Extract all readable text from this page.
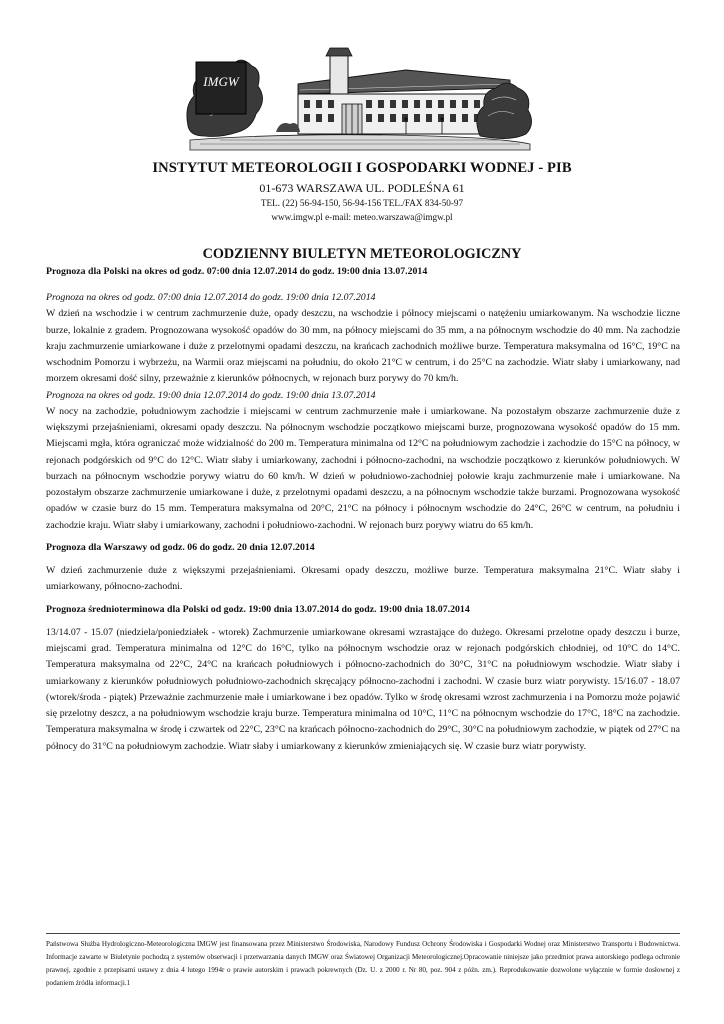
IMGW
INSTYTUT METEOROLOGII I GOSPODARKI WODNEJ - PIB
01-673 WARSZAWA UL. PODLEŚNA 61
TEL. (22) 56-94-150, 56-94-156 TEL./FAX 834-50-97
www.imgw.pl e-mail: meteo.warszawa@imgw.pl
CODZIENNY BIULETYN METEOROLOGICZNY
Prognoza dla Polski na okres od godz. 07:00 dnia 12.07.2014 do godz. 19:00 dnia 13.07.2014

Prognoza na okres od godz. 07:00 dnia 12.07.2014 do godz. 19:00 dnia 12.07.2014

W dzień na wschodzie i w centrum zachmurzenie duże, opady deszczu, na wschodzie i północy miejscami o natężeniu umiarkowanym. Na wschodzie liczne burze, lokalnie z gradem. Prognozowana wysokość opadów do 30 mm, na północy miejscami do 35 mm, a na północnym wschodzie do 40 mm. Na zachodzie kraju zachmurzenie umiarkowane i duże z przelotnymi opadami deszczu, na krańcach zachodnich możliwe burze. Temperatura maksymalna od 16°C, 19°C na wschodnim Pomorzu i wybrzeżu, na Warmii oraz miejscami na południu, do około 21°C w centrum, i do 25°C na zachodzie. Wiatr słaby i umiarkowany, nad morzem okresami dość silny, przeważnie z kierunków północnych, w rejonach burz porywy do 70 km/h.

Prognoza na okres od godz. 19:00 dnia 12.07.2014 do godz. 19:00 dnia 13.07.2014

W nocy na zachodzie, południowym zachodzie i miejscami w centrum zachmurzenie małe i umiarkowane. Na pozostałym obszarze zachmurzenie duże z większymi przejaśnieniami, okresami opady deszczu. Na północnym wschodzie początkowo miejscami burze, prognozowana wysokość opadów do 15 mm. Miejscami mgła, która ograniczać może widzialność do 200 m. Temperatura minimalna od 12°C na południowym zachodzie i zachodzie do 15°C na północy, w rejonach podgórskich od 9°C do 12°C. Wiatr słaby i umiarkowany, zachodni i północno-zachodni, na wschodzie początkowo z kierunków południowych. W burzach na północnym wschodzie porywy wiatru do 60 km/h. W dzień w południowo-zachodniej połowie kraju zachmurzenie małe i umiarkowane. Na pozostałym obszarze zachmurzenie umiarkowane i duże, z przelotnymi opadami deszczu, a na północnym wschodzie także burzami. Prognozowana wysokość opadów w czasie burz do 15 mm. Temperatura maksymalna od 20°C, 21°C na północy i północnym wschodzie do 24°C, 26°C w centrum, na południu i zachodzie kraju. Wiatr słaby i umiarkowany, zachodni i południowo-zachodni. W rejonach burz porywy wiatru do 65 km/h.

Prognoza dla Warszawy od godz. 06 do godz. 20 dnia 12.07.2014

W dzień zachmurzenie duże z większymi przejaśnieniami. Okresami opady deszczu, możliwe burze. Temperatura maksymalna 21°C. Wiatr słaby i umiarkowany, północno-zachodni.

Prognoza średnioterminowa dla Polski od godz. 19:00 dnia 13.07.2014 do godz. 19:00 dnia 18.07.2014

13/14.07 - 15.07 (niedziela/poniedziałek - wtorek) Zachmurzenie umiarkowane okresami wzrastające do dużego. Okresami przelotne opady deszczu i burze, miejscami grad. Temperatura minimalna od 12°C do 16°C, tylko na północnym wschodzie oraz w rejonach podgórskich chłodniej, od 10°C do 14°C. Temperatura maksymalna od 22°C, 24°C na krańcach południowych i północno-zachodnich do 30°C, 31°C na południowym wschodzie. Wiatr słaby i umiarkowany z kierunków południowych południowo-zachodnich skręcający północno-zachodni i zachodni. W czasie burz wiatr porywisty. 15/16.07 - 18.07 (wtorek/środa - piątek) Przeważnie zachmurzenie małe i umiarkowane i bez opadów. Tylko w środę okresami wzrost zachmurzenia i na Pomorzu może pojawić się przelotny deszcz, a na południowym wschodzie kraju burze. Temperatura minimalna od 10°C, 11°C na północnym wschodzie do 17°C, 18°C na zachodzie. Temperatura maksymalna w środę i czwartek od 22°C, 23°C na krańcach północno-zachodnich do 29°C, 30°C na południowym zachodzie, w piątek od 27°C na północy do 31°C na południowym zachodzie. Wiatr słaby i umiarkowany z kierunków zmieniających się. W czasie burz wiatr porywisty.

Państwowa Służba Hydrologiczno-Meteorologiczna IMGW jest finansowana przez Ministerstwo Środowiska, Narodowy Fundusz Ochrony Środowiska i Gospodarki Wodnej oraz Ministerstwo Transportu i Budownictwa. Informacje zawarte w Biuletynie pochodzą z systemów obserwacji i przetwarzania danych IMGW oraz Światowej Organizacji Meteorologicznej.Opracowanie niniejsze jako przedmiot prawa autorskiego podlega ochronie prawnej, zgodnie z przepisami ustawy z dnia 4 lutego 1994r o prawie autorskim i prawach pokrewnych (Dz. U. z 2000 r. Nr 80, poz. 904 z późn. zm.). Reprodukowanie dozwolone wyłącznie w formie dosłownej z podaniem źródła informacji.1
